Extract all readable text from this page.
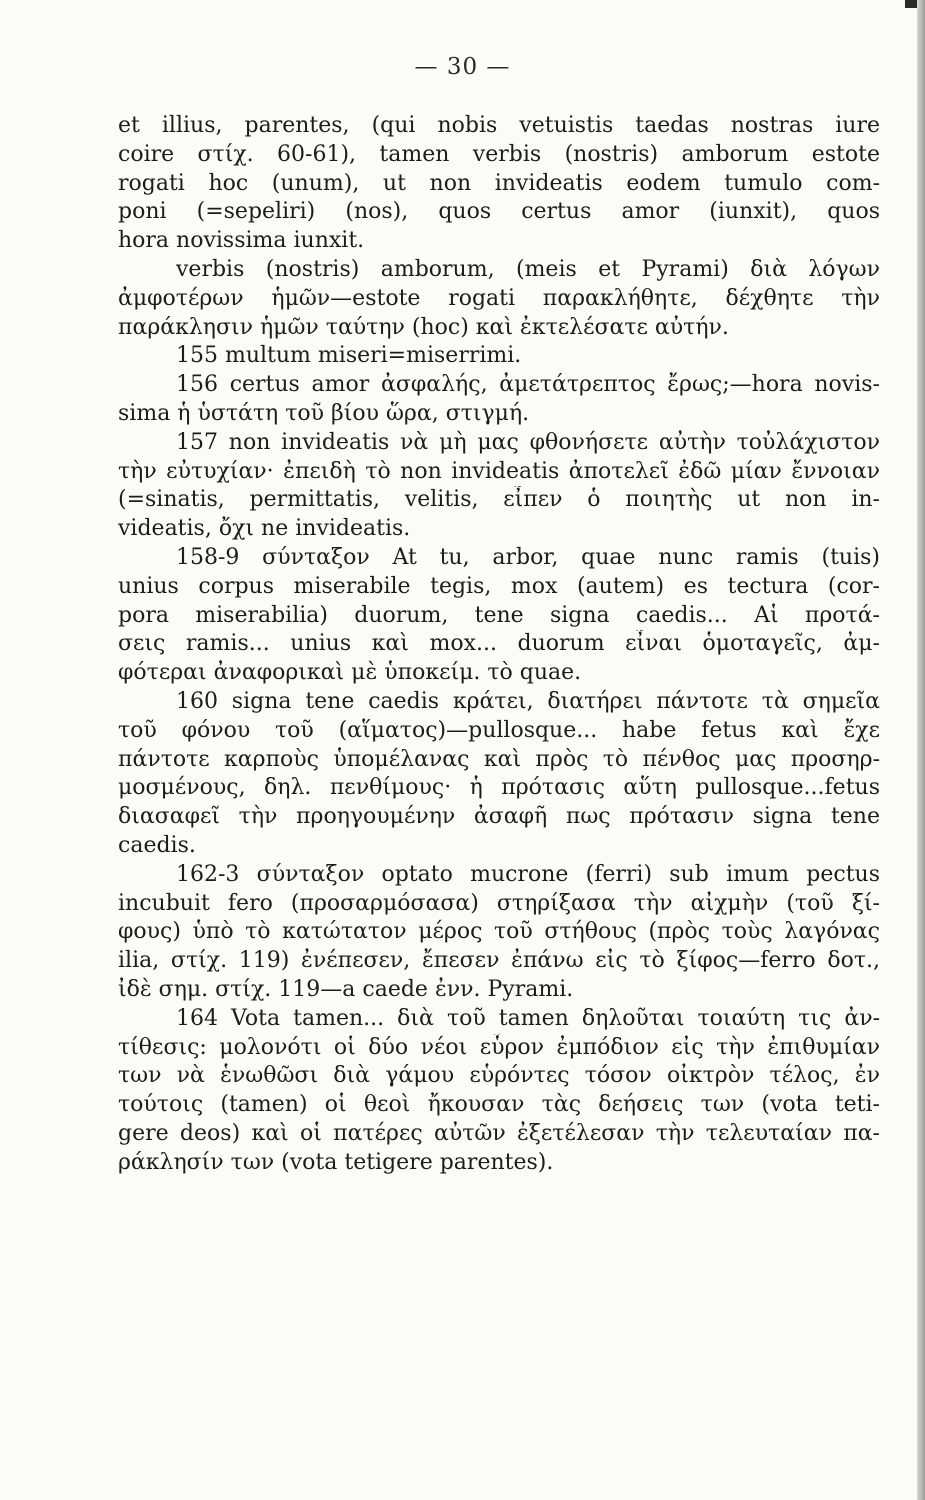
— 30 —
et illius, parentes, (qui nobis vetuistis taedas nostras iure
coire στίχ. 60-61), tamen verbis (nostris) amborum estote
rogati hoc (unum), ut non invideatis eodem tumulo com-
poni (=sepeliri) (nos), quos certus amor (iunxit), quos
hora novissima iunxit.
verbis (nostris) amborum, (meis et Pyrami) διὰ λόγων
ἀμφοτέρων ἡμῶν—estote rogati παρακλήθητε, δέχθητε τὴν
παράκλησιν ἡμῶν ταύτην (hoc) καὶ ἐκτελέσατε αὐτήν.
155 multum miseri=miserrimi.
156 certus amor ἀσφαλής, ἀμετάτρεπτος ἔρως;—hora novis-
sima ἡ ὑστάτη τοῦ βίου ὥρα, στιγμή.
157 non invideatis νὰ μὴ μας φθονήσετε αὐτὴν τοὐλάχιστον
τὴν εὐτυχίαν· ἐπειδὴ τὸ non invideatis ἀποτελεῖ ἐδῶ μίαν ἔννοιαν
(=sinatis, permittatis, velitis, εἶπεν ὁ ποιητὴς ut non in-
videatis, ὄχι ne invideatis.
158-9 σύνταξον At tu, arbor, quae nunc ramis (tuis)
unius corpus miserabile tegis, mox (autem) es tectura (cor-
pora miserabilia) duorum, tene signa caedis... Αἱ προτά-
σεις ramis... unius καὶ mox... duorum εἶναι ὁμοταγεῖς, ἀμ-
φότεραι ἀναφορικαὶ μὲ ὑποκείμ. τὸ quae.
160 signa tene caedis κράτει, διατήρει πάντοτε τὰ σημεῖα
τοῦ φόνου τοῦ (αἵματος)—pullosque... habe fetus καὶ ἔχε
πάντοτε καρποὺς ὑπομέλανας καὶ πρὸς τὸ πένθος μας προσηρ-
μοσμένους, δηλ. πενθίμους· ἡ πρότασις αὕτη pullosque...fetus
διασαφεῖ τὴν προηγουμένην ἀσαφῆ πως πρότασιν signa tene
caedis.
162-3 σύνταξον optato mucrone (ferri) sub imum pectus
incubuit fero (προσαρμόσασα) στηρίξασα τὴν αἰχμὴν (τοῦ ξί-
φους) ὑπὸ τὸ κατώτατον μέρος τοῦ στήθους (πρὸς τοὺς λαγόνας
ilia, στίχ. 119) ἐνέπεσεν, ἔπεσεν ἐπάνω εἰς τὸ ξίφος—ferro δοτ.,
ἰδὲ σημ. στίχ. 119—a caede ἐνν. Pyrami.
164 Vota tamen... διὰ τοῦ tamen δηλοῦται τοιαύτη τις ἀν-
τίθεσις: μολονότι οἱ δύο νέοι εὗρον ἐμπόδιον εἰς τὴν ἐπιθυμίαν
των νὰ ἑνωθῶσι διὰ γάμου εὑρόντες τόσον οἰκτρὸν τέλος, ἐν
τούτοις (tamen) οἱ θεοὶ ἤκουσαν τὰς δεήσεις των (vota teti-
gere deos) καὶ οἱ πατέρες αὐτῶν ἐξετέλεσαν τὴν τελευταίαν πα-
ράκλησίν των (vota tetigere parentes).
